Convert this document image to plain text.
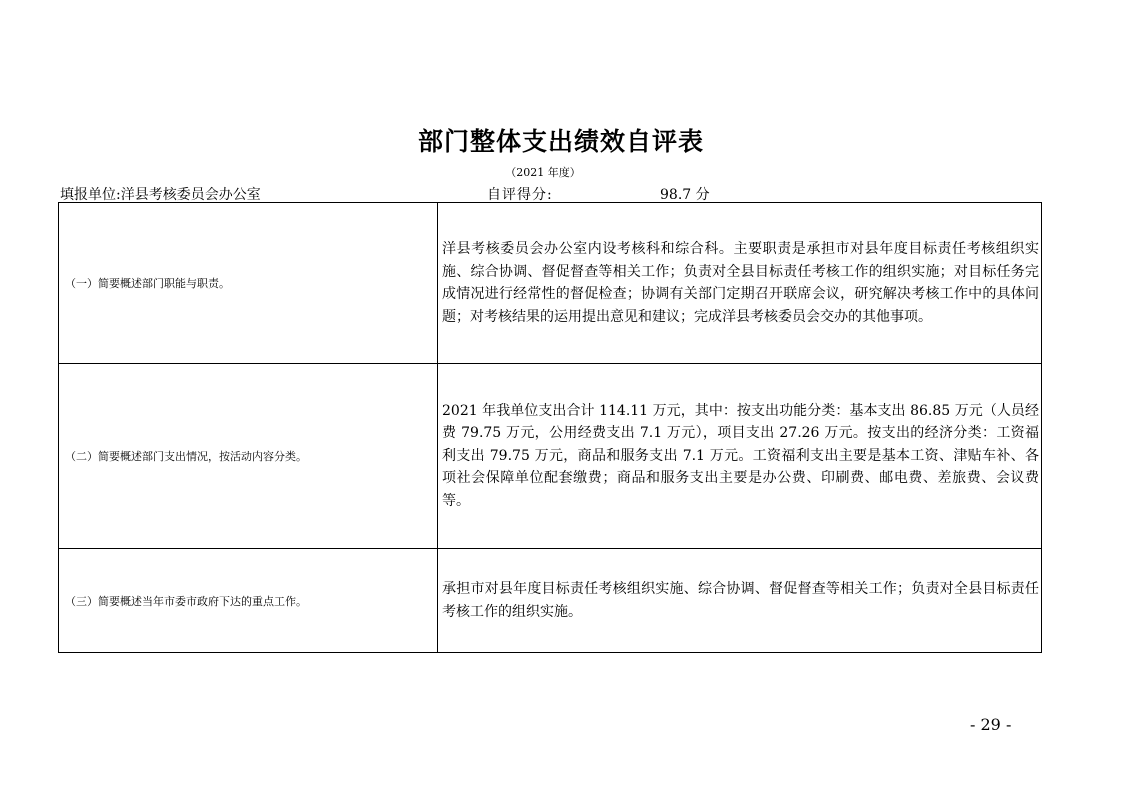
部门整体支出绩效自评表
（2021 年度）
填报单位:洋县考核委员会办公室	自评得分:	98.7 分
（一）简要概述部门职能与职责。	洋县考核委员会办公室内设考核科和综合科。主要职责是承担市对县年度目标责任考核组织实施、综合协调、督促督查等相关工作；负责对全县目标责任考核工作的组织实施；对目标任务完成情况进行经常性的督促检查；协调有关部门定期召开联席会议，研究解决考核工作中的具体问题；对考核结果的运用提出意见和建议；完成洋县考核委员会交办的其他事项。
（二）简要概述部门支出情况，按活动内容分类。	2021 年我单位支出合计 114.11 万元，其中：按支出功能分类：基本支出 86.85 万元（人员经费 79.75 万元，公用经费支出 7.1 万元），项目支出 27.26 万元。按支出的经济分类：工资福利支出 79.75 万元，商品和服务支出 7.1 万元。工资福利支出主要是基本工资、津贴车补、各项社会保障单位配套缴费；商品和服务支出主要是办公费、印刷费、邮电费、差旅费、会议费等。
（三）简要概述当年市委市政府下达的重点工作。	承担市对县年度目标责任考核组织实施、综合协调、督促督查等相关工作；负责对全县目标责任考核工作的组织实施。
- 29 -
